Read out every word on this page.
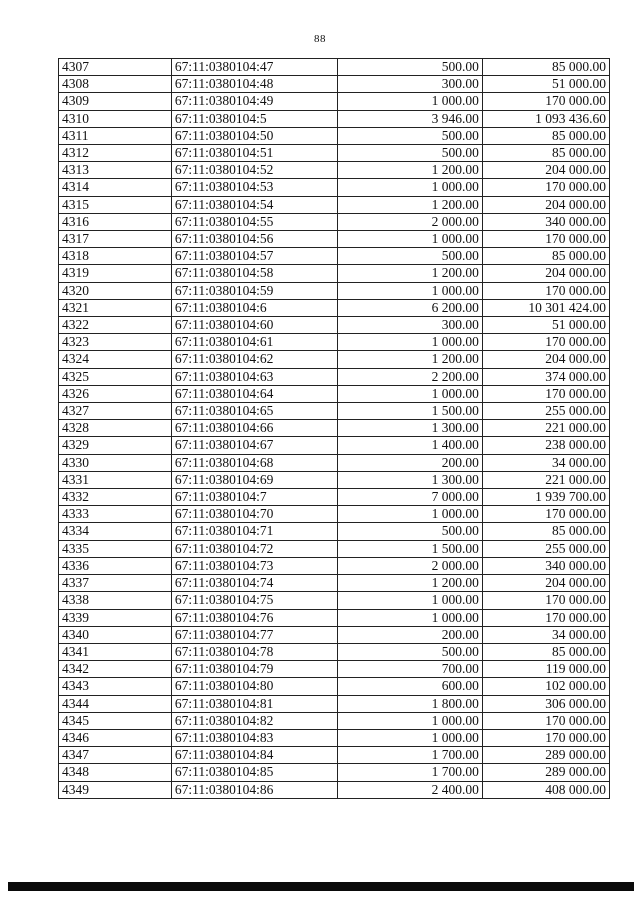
88
4307	67:11:0380104:47	500.00	85 000.00
4308	67:11:0380104:48	300.00	51 000.00
4309	67:11:0380104:49	1 000.00	170 000.00
4310	67:11:0380104:5	3 946.00	1 093 436.60
4311	67:11:0380104:50	500.00	85 000.00
4312	67:11:0380104:51	500.00	85 000.00
4313	67:11:0380104:52	1 200.00	204 000.00
4314	67:11:0380104:53	1 000.00	170 000.00
4315	67:11:0380104:54	1 200.00	204 000.00
4316	67:11:0380104:55	2 000.00	340 000.00
4317	67:11:0380104:56	1 000.00	170 000.00
4318	67:11:0380104:57	500.00	85 000.00
4319	67:11:0380104:58	1 200.00	204 000.00
4320	67:11:0380104:59	1 000.00	170 000.00
4321	67:11:0380104:6	6 200.00	10 301 424.00
4322	67:11:0380104:60	300.00	51 000.00
4323	67:11:0380104:61	1 000.00	170 000.00
4324	67:11:0380104:62	1 200.00	204 000.00
4325	67:11:0380104:63	2 200.00	374 000.00
4326	67:11:0380104:64	1 000.00	170 000.00
4327	67:11:0380104:65	1 500.00	255 000.00
4328	67:11:0380104:66	1 300.00	221 000.00
4329	67:11:0380104:67	1 400.00	238 000.00
4330	67:11:0380104:68	200.00	34 000.00
4331	67:11:0380104:69	1 300.00	221 000.00
4332	67:11:0380104:7	7 000.00	1 939 700.00
4333	67:11:0380104:70	1 000.00	170 000.00
4334	67:11:0380104:71	500.00	85 000.00
4335	67:11:0380104:72	1 500.00	255 000.00
4336	67:11:0380104:73	2 000.00	340 000.00
4337	67:11:0380104:74	1 200.00	204 000.00
4338	67:11:0380104:75	1 000.00	170 000.00
4339	67:11:0380104:76	1 000.00	170 000.00
4340	67:11:0380104:77	200.00	34 000.00
4341	67:11:0380104:78	500.00	85 000.00
4342	67:11:0380104:79	700.00	119 000.00
4343	67:11:0380104:80	600.00	102 000.00
4344	67:11:0380104:81	1 800.00	306 000.00
4345	67:11:0380104:82	1 000.00	170 000.00
4346	67:11:0380104:83	1 000.00	170 000.00
4347	67:11:0380104:84	1 700.00	289 000.00
4348	67:11:0380104:85	1 700.00	289 000.00
4349	67:11:0380104:86	2 400.00	408 000.00
